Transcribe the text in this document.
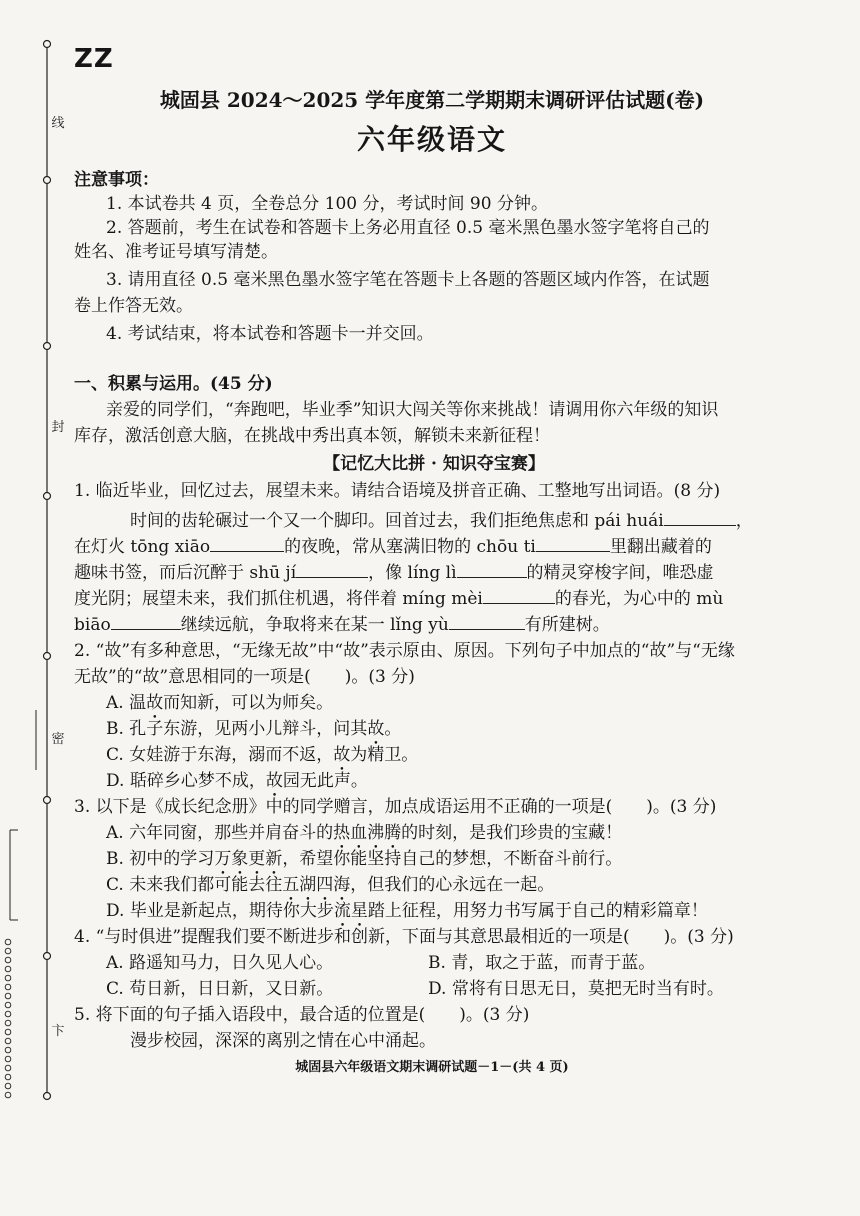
线
封
密
卞
ZZ
城固县 2024～2025 学年度第二学期期末调研评估试题(卷)
六年级语文
注意事项：
1. 本试卷共 4 页，全卷总分 100 分，考试时间 90 分钟。
2. 答题前，考生在试卷和答题卡上务必用直径 0.5 毫米黑色墨水签字笔将自己的
姓名、准考证号填写清楚。
3. 请用直径 0.5 毫米黑色墨水签字笔在答题卡上各题的答题区域内作答，在试题
卷上作答无效。
4. 考试结束，将本试卷和答题卡一并交回。
一、积累与运用。(45 分)
亲爱的同学们，“奔跑吧，毕业季”知识大闯关等你来挑战！请调用你六年级的知识
库存，激活创意大脑，在挑战中秀出真本领，解锁未来新征程！
【记忆大比拼 · 知识夺宝赛】
1. 临近毕业，回忆过去，展望未来。请结合语境及拼音正确、工整地写出词语。(8 分)
时间的齿轮碾过一个又一个脚印。回首过去，我们拒绝焦虑和 pái huái	，
在灯火 tōng xiāo	的夜晚，常从塞满旧物的 chōu ti	里翻出藏着的
趣味书签，而后沉醉于 shū jí	，像 líng lì	的精灵穿梭字间，唯恐虚
度光阴；展望未来，我们抓住机遇，将伴着 míng mèi	的春光，为心中的 mù
biāo	继续远航，争取将来在某一 lǐng yù	有所建树。
2. “故”有多种意思，“无缘无故”中“故”表示原由、原因。下列句子中加点的“故”与“无缘
无故”的“故”意思相同的一项是( )。(3 分)
A. 温故而知新，可以为师矣。
B. 孔子东游，见两小儿辩斗，问其故。
C. 女娃游于东海，溺而不返，故为精卫。
D. 聒碎乡心梦不成，故园无此声。
3. 以下是《成长纪念册》中的同学赠言，加点成语运用不正确的一项是( )。(3 分)
A. 六年同窗，那些并肩奋斗的热血沸腾的时刻，是我们珍贵的宝藏！
B. 初中的学习万象更新，希望你能坚持自己的梦想，不断奋斗前行。
C. 未来我们都可能去往五湖四海，但我们的心永远在一起。
D. 毕业是新起点，期待你大步流星踏上征程，用努力书写属于自己的精彩篇章！
4. “与时俱进”提醒我们要不断进步和创新，下面与其意思最相近的一项是( )。(3 分)
A. 路遥知马力，日久见人心。	B. 青，取之于蓝，而青于蓝。
C. 苟日新，日日新，又日新。	D. 常将有日思无日，莫把无时当有时。
5. 将下面的句子插入语段中，最合适的位置是( )。(3 分)
漫步校园，深深的离别之情在心中涌起。
城固县六年级语文期末调研试题－1－(共 4 页)
